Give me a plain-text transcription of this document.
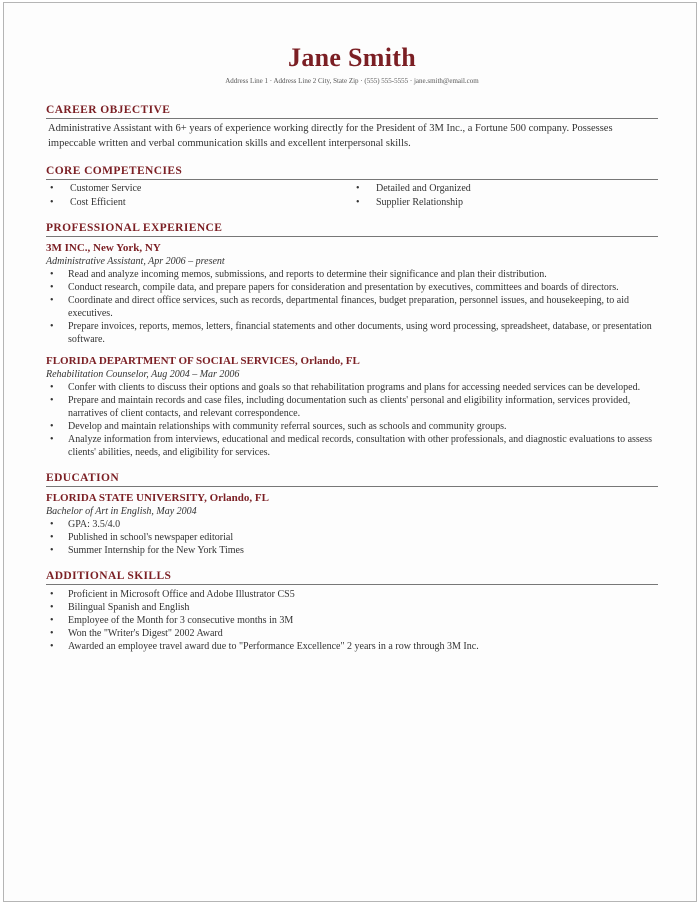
Jane Smith
Address Line 1 · Address Line 2 City, State Zip · (555) 555-5555 · jane.smith@email.com
CAREER OBJECTIVE
Administrative Assistant with 6+ years of experience working directly for the President of 3M Inc., a Fortune 500 company. Possesses impeccable written and verbal communication skills and excellent interpersonal skills.
CORE COMPETENCIES
• Customer Service
• Cost Efficient
• Detailed and Organized
• Supplier Relationship
PROFESSIONAL EXPERIENCE
3M INC., New York, NY
Administrative Assistant, Apr 2006 – present
• Read and analyze incoming memos, submissions, and reports to determine their significance and plan their distribution.
• Conduct research, compile data, and prepare papers for consideration and presentation by executives, committees and boards of directors.
• Coordinate and direct office services, such as records, departmental finances, budget preparation, personnel issues, and housekeeping, to aid executives.
• Prepare invoices, reports, memos, letters, financial statements and other documents, using word processing, spreadsheet, database, or presentation software.
FLORIDA DEPARTMENT OF SOCIAL SERVICES, Orlando, FL
Rehabilitation Counselor, Aug 2004 – Mar 2006
• Confer with clients to discuss their options and goals so that rehabilitation programs and plans for accessing needed services can be developed.
• Prepare and maintain records and case files, including documentation such as clients' personal and eligibility information, services provided, narratives of client contacts, and relevant correspondence.
• Develop and maintain relationships with community referral sources, such as schools and community groups.
• Analyze information from interviews, educational and medical records, consultation with other professionals, and diagnostic evaluations to assess clients' abilities, needs, and eligibility for services.
EDUCATION
FLORIDA STATE UNIVERSITY, Orlando, FL
Bachelor of Art in English, May 2004
• GPA: 3.5/4.0
• Published in school's newspaper editorial
• Summer Internship for the New York Times
ADDITIONAL SKILLS
• Proficient in Microsoft Office and Adobe Illustrator CS5
• Bilingual Spanish and English
• Employee of the Month for 3 consecutive months in 3M
• Won the "Writer's Digest" 2002 Award
• Awarded an employee travel award due to "Performance Excellence" 2 years in a row through 3M Inc.
